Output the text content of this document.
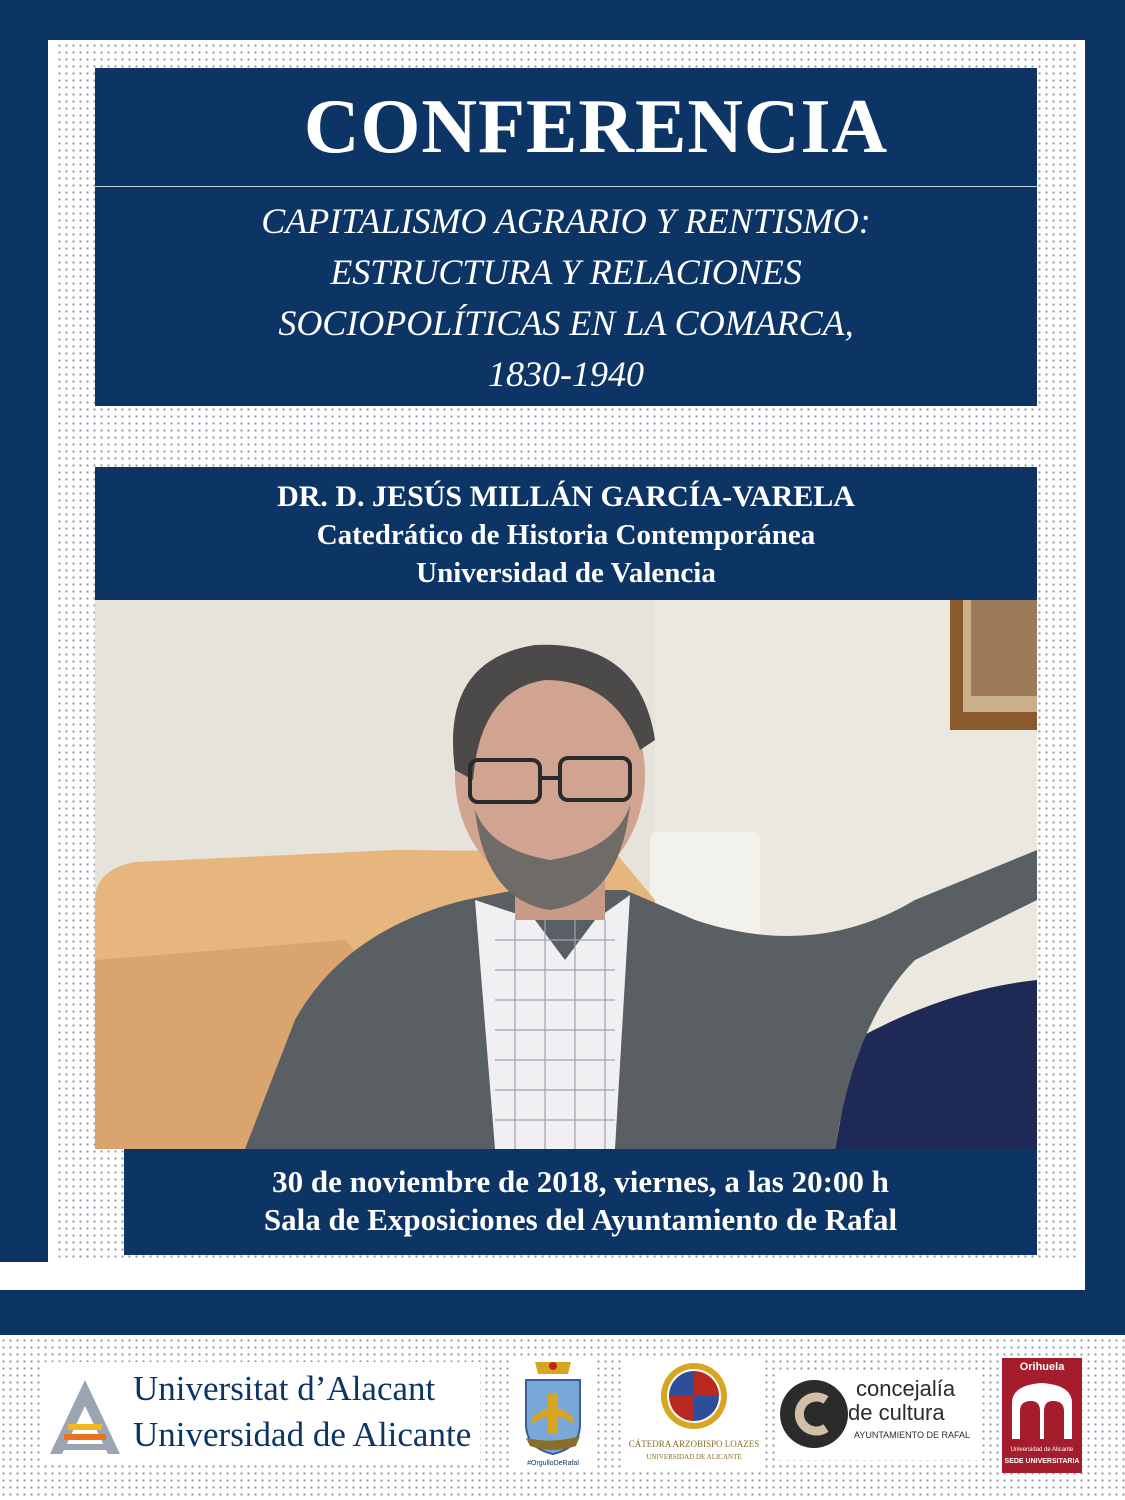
CONFERENCIA
CAPITALISMO AGRARIO Y RENTISMO:
ESTRUCTURA Y RELACIONES
SOCIOPOLÍTICAS EN LA COMARCA,
1830-1940
DR. D. JESÚS MILLÁN GARCÍA-VARELA
Catedrático de Historia Contemporánea
Universidad de Valencia
30 de noviembre de 2018, viernes, a las 20:00 h
Sala de Exposiciones del Ayuntamiento de Rafal
Universitat d’Alacant
Universidad de Alicante
#OrgulloDeRafal
CÁTEDRA ARZOBISPO LOAZES
UNIVERSIDAD DE ALICANTE
concejalía
de cultura
AYUNTAMIENTO DE RAFAL
Orihuela
Universidad de Alicante
SEDE UNIVERSITARIA
